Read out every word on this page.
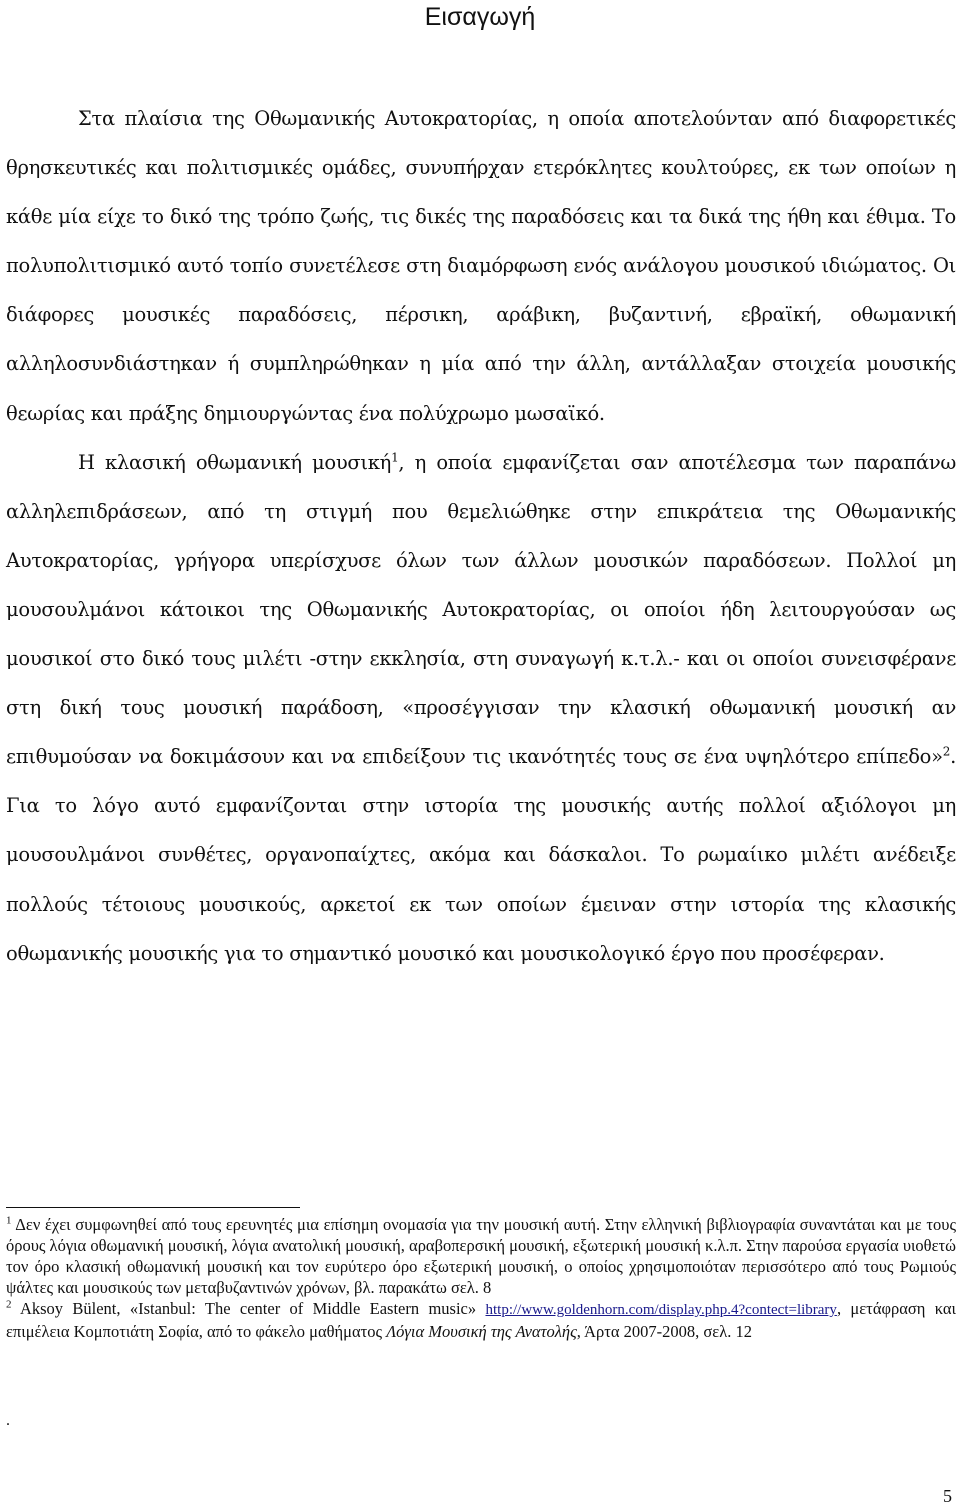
Εισαγωγή

Στα πλαίσια της Οθωμανικής Αυτοκρατορίας, η οποία αποτελούνταν από διαφορετικές θρησκευτικές και πολιτισμικές ομάδες, συνυπήρχαν ετερόκλητες κουλτούρες, εκ των οποίων η κάθε μία είχε το δικό της τρόπο ζωής, τις δικές της παραδόσεις και τα δικά της ήθη και έθιμα. Το πολυπολιτισμικό αυτό τοπίο συνετέλεσε στη διαμόρφωση ενός ανάλογου μουσικού ιδιώματος. Οι διάφορες μουσικές παραδόσεις, πέρσικη, αράβικη, βυζαντινή, εβραϊκή, οθωμανική αλληλοσυνδιάστηκαν ή συμπληρώθηκαν η μία από την άλλη, αντάλλαξαν στοιχεία μουσικής θεωρίας και πράξης δημιουργώντας ένα πολύχρωμο μωσαϊκό.

Η κλασική οθωμανική μουσική$^1$, η οποία εμφανίζεται σαν αποτέλεσμα των παραπάνω αλληλεπιδράσεων, από τη στιγμή που θεμελιώθηκε στην επικράτεια της Οθωμανικής Αυτοκρατορίας, γρήγορα υπερίσχυσε όλων των άλλων μουσικών παραδόσεων. Πολλοί μη μουσουλμάνοι κάτοικοι της Οθωμανικής Αυτοκρατορίας, οι οποίοι ήδη λειτουργούσαν ως μουσικοί στο δικό τους μιλέτι -στην εκκλησία, στη συναγωγή κ.τ.λ.- και οι οποίοι συνεισφέρανε στη δική τους μουσική παράδοση, «προσέγγισαν την κλασική οθωμανική μουσική αν επιθυμούσαν να δοκιμάσουν και να επιδείξουν τις ικανότητές τους σε ένα υψηλότερο επίπεδο»$^2$. Για το λόγο αυτό εμφανίζονται στην ιστορία της μουσικής αυτής πολλοί αξιόλογοι μη μουσουλμάνοι συνθέτες, οργανοπαίχτες, ακόμα και δάσκαλοι. Το ρωμαίικο μιλέτι ανέδειξε πολλούς τέτοιους μουσικούς, αρκετοί εκ των οποίων έμειναν στην ιστορία της κλασικής οθωμανικής μουσικής για το σημαντικό μουσικό και μουσικολογικό έργο που προσέφεραν.

$^1$ Δεν έχει συμφωνηθεί από τους ερευνητές μια επίσημη ονομασία για την μουσική αυτή. Στην ελληνική βιβλιογραφία συναντάται και με τους όρους λόγια οθωμανική μουσική, λόγια ανατολική μουσική, αραβοπερσική μουσική, εξωτερική μουσική κ.λ.π. Στην παρούσα εργασία υιοθετώ τον όρο κλασική οθωμανική μουσική και τον ευρύτερο όρο εξωτερική μουσική, ο οποίος χρησιμοποιόταν περισσότερο από τους Ρωμιούς ψάλτες και μουσικούς των μεταβυζαντινών χρόνων, βλ. παρακάτω σελ. 8

$^2$ Aksoy Bülent, «Istanbul: The center of Middle Eastern music» http://www.goldenhorn.com/display.php.4?contect=library, μετάφραση και επιμέλεια Κομποτιάτη Σοφία, από το φάκελο μαθήματος Λόγια Μουσική της Ανατολής, Άρτα 2007-2008, σελ. 12

.
5
